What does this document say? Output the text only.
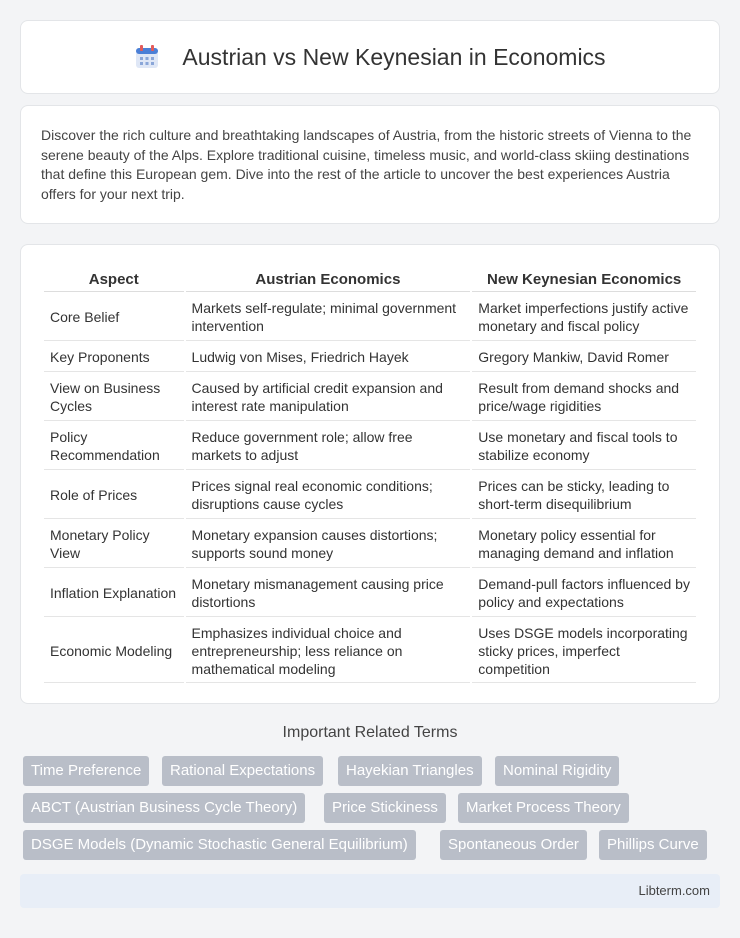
Austrian vs New Keynesian in Economics

Discover the rich culture and breathtaking landscapes of Austria, from the historic streets of Vienna to the serene beauty of the Alps. Explore traditional cuisine, timeless music, and world-class skiing destinations that define this European gem. Dive into the rest of the article to uncover the best experiences Austria offers for your next trip.

Aspect	Austrian Economics	New Keynesian Economics
Core Belief	Markets self-regulate; minimal government intervention	Market imperfections justify active monetary and fiscal policy
Key Proponents	Ludwig von Mises, Friedrich Hayek	Gregory Mankiw, David Romer
View on Business Cycles	Caused by artificial credit expansion and interest rate manipulation	Result from demand shocks and price/wage rigidities
Policy Recommendation	Reduce government role; allow free markets to adjust	Use monetary and fiscal tools to stabilize economy
Role of Prices	Prices signal real economic conditions; disruptions cause cycles	Prices can be sticky, leading to short-term disequilibrium
Monetary Policy View	Monetary expansion causes distortions; supports sound money	Monetary policy essential for managing demand and inflation
Inflation Explanation	Monetary mismanagement causing price distortions	Demand-pull factors influenced by policy and expectations
Economic Modeling	Emphasizes individual choice and entrepreneurship; less reliance on mathematical modeling	Uses DSGE models incorporating sticky prices, imperfect competition
Important Related Terms
Time Preference	Rational Expectations	Hayekian Triangles	Nominal Rigidity
ABCT (Austrian Business Cycle Theory)	Price Stickiness	Market Process Theory
DSGE Models (Dynamic Stochastic General Equilibrium)	Spontaneous Order	Phillips Curve
Libterm.com
